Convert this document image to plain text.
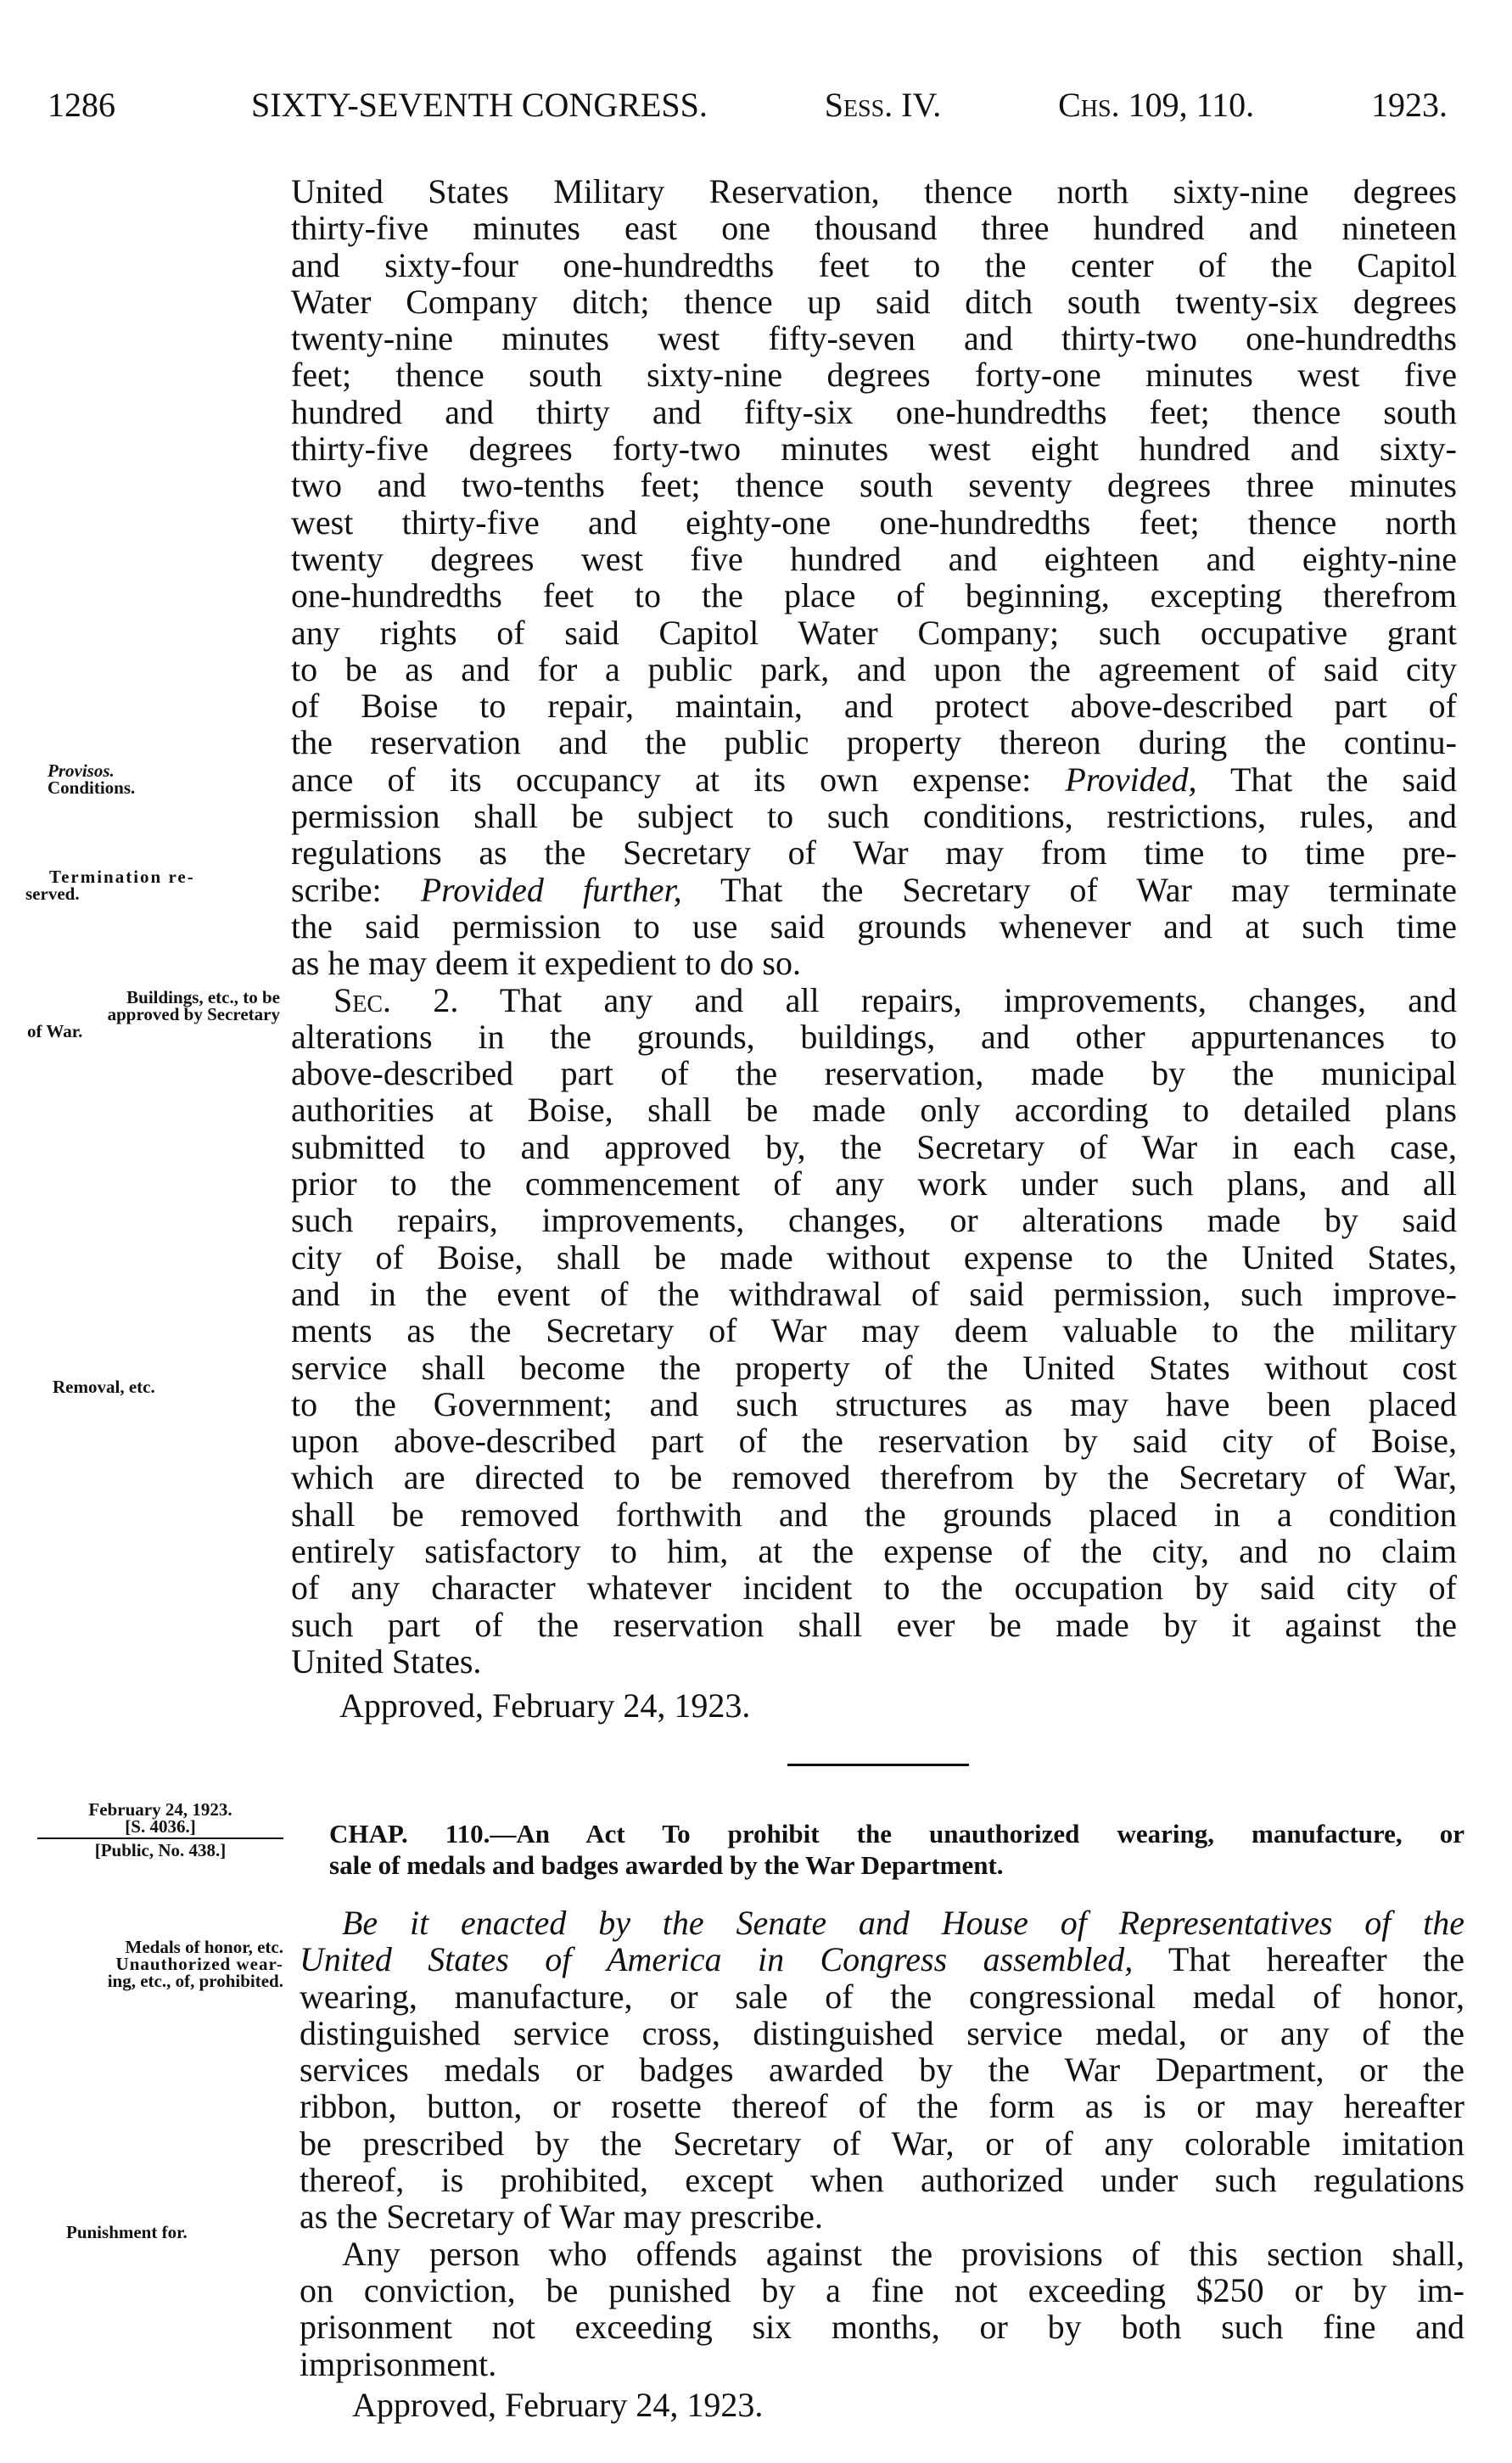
1286	SIXTY-SEVENTH CONGRESS.	Sess. IV.	Chs. 109, 110.	1923.
United States Military Reservation, thence north sixty-nine degrees
thirty-five minutes east one thousand three hundred and nineteen
and sixty-four one-hundredths feet to the center of the Capitol
Water Company ditch; thence up said ditch south twenty-six degrees
twenty-nine minutes west fifty-seven and thirty-two one-hundredths
feet; thence south sixty-nine degrees forty-one minutes west five
hundred and thirty and fifty-six one-hundredths feet; thence south
thirty-five degrees forty-two minutes west eight hundred and sixty-
two and two-tenths feet; thence south seventy degrees three minutes
west thirty-five and eighty-one one-hundredths feet; thence north
twenty degrees west five hundred and eighteen and eighty-nine
one-hundredths feet to the place of beginning, excepting therefrom
any rights of said Capitol Water Company; such occupative grant
to be as and for a public park, and upon the agreement of said city
of Boise to repair, maintain, and protect above-described part of
the reservation and the public property thereon during the continu-
ance of its occupancy at its own expense: Provided, That the said
permission shall be subject to such conditions, restrictions, rules, and
regulations as the Secretary of War may from time to time pre-
scribe: Provided further, That the Secretary of War may terminate
the said permission to use said grounds whenever and at such time
as he may deem it expedient to do so.
Sec. 2. That any and all repairs, improvements, changes, and
alterations in the grounds, buildings, and other appurtenances to
above-described part of the reservation, made by the municipal
authorities at Boise, shall be made only according to detailed plans
submitted to and approved by, the Secretary of War in each case,
prior to the commencement of any work under such plans, and all
such repairs, improvements, changes, or alterations made by said
city of Boise, shall be made without expense to the United States,
and in the event of the withdrawal of said permission, such improve-
ments as the Secretary of War may deem valuable to the military
service shall become the property of the United States without cost
to the Government; and such structures as may have been placed
upon above-described part of the reservation by said city of Boise,
which are directed to be removed therefrom by the Secretary of War,
shall be removed forthwith and the grounds placed in a condition
entirely satisfactory to him, at the expense of the city, and no claim
of any character whatever incident to the occupation by said city of
such part of the reservation shall ever be made by it against the
United States.
Approved, February 24, 1923.
CHAP. 110.—An Act To prohibit the unauthorized wearing, manufacture, or
sale of medals and badges awarded by the War Department.
Be it enacted by the Senate and House of Representatives of the
United States of America in Congress assembled, That hereafter the
wearing, manufacture, or sale of the congressional medal of honor,
distinguished service cross, distinguished service medal, or any of the
services medals or badges awarded by the War Department, or the
ribbon, button, or rosette thereof of the form as is or may hereafter
be prescribed by the Secretary of War, or of any colorable imitation
thereof, is prohibited, except when authorized under such regulations
as the Secretary of War may prescribe.
Any person who offends against the provisions of this section shall,
on conviction, be punished by a fine not exceeding $250 or by im-
prisonment not exceeding six months, or by both such fine and
imprisonment.
Approved, February 24, 1923.
Provisos.
Conditions.
Termination re-
served.
Buildings, etc., to be
approved by Secretary
of War.
Removal, etc.
February 24, 1923.
[S. 4036.]
[Public, No. 438.]
Medals of honor, etc.
Unauthorized wear-
ing, etc., of, prohibited.
Punishment for.
